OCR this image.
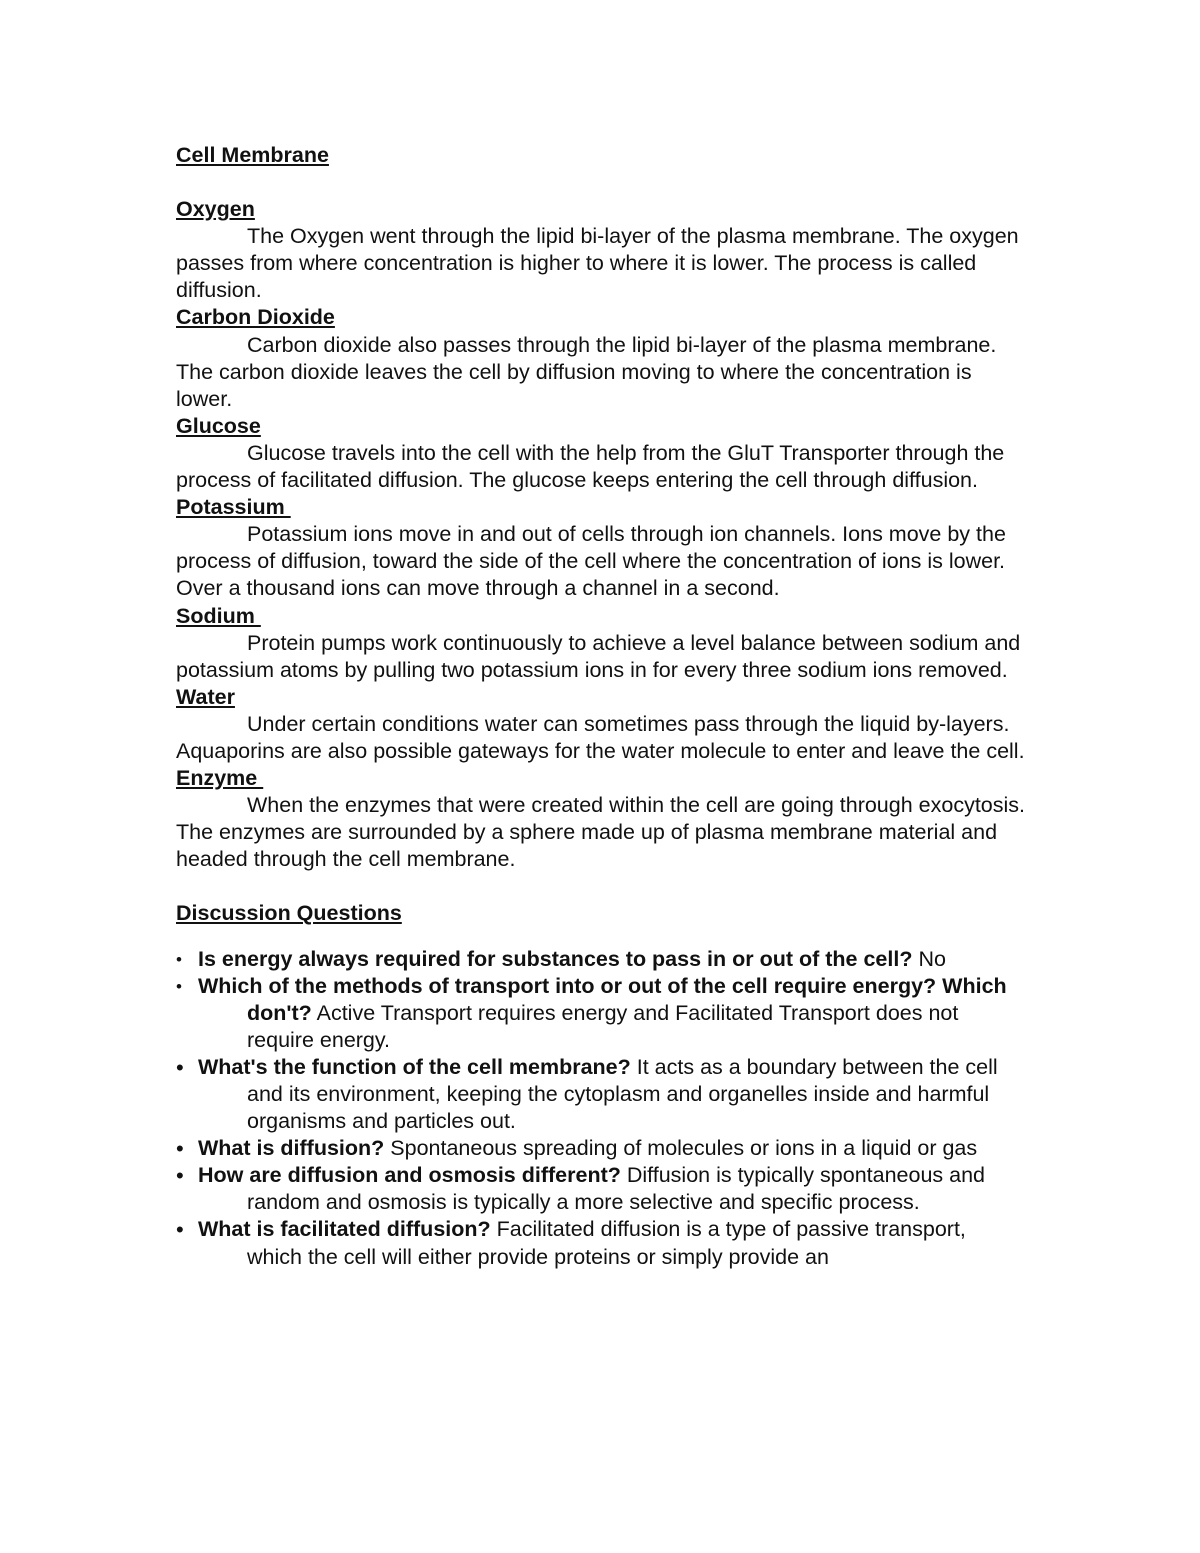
Cell Membrane
Oxygen

The Oxygen went through the lipid bi-layer of the plasma membrane. The oxygen passes from where concentration is higher to where it is lower. The process is called diffusion.

Carbon Dioxide

Carbon dioxide also passes through the lipid bi-layer of the plasma membrane. The carbon dioxide leaves the cell by diffusion moving to where the concentration is lower.

Glucose

Glucose travels into the cell with the help from the GluT Transporter through the process of facilitated diffusion. The glucose keeps entering the cell through diffusion.

Potassium

Potassium ions move in and out of cells through ion channels. Ions move by the process of diffusion, toward the side of the cell where the concentration of ions is lower. Over a thousand ions can move through a channel in a second.

Sodium

Protein pumps work continuously to achieve a level balance between sodium and potassium atoms by pulling two potassium ions in for every three sodium ions removed.

Water

Under certain conditions water can sometimes pass through the liquid by-layers. Aquaporins are also possible gateways for the water molecule to enter and leave the cell.

Enzyme

When the enzymes that were created within the cell are going through exocytosis. The enzymes are surrounded by a sphere made up of plasma membrane material and headed through the cell membrane.

Discussion Questions
• Is energy always required for substances to pass in or out of the cell? No
• Which of the methods of transport into or out of the cell require energy? Which don't? Active Transport requires energy and Facilitated Transport does not require energy.
• What's the function of the cell membrane? It acts as a boundary between the cell and its environment, keeping the cytoplasm and organelles inside and harmful organisms and particles out.
• What is diffusion? Spontaneous spreading of molecules or ions in a liquid or gas
• How are diffusion and osmosis different? Diffusion is typically spontaneous and random and osmosis is typically a more selective and specific process.
• What is facilitated diffusion? Facilitated diffusion is a type of passive transport, which the cell will either provide proteins or simply provide an
